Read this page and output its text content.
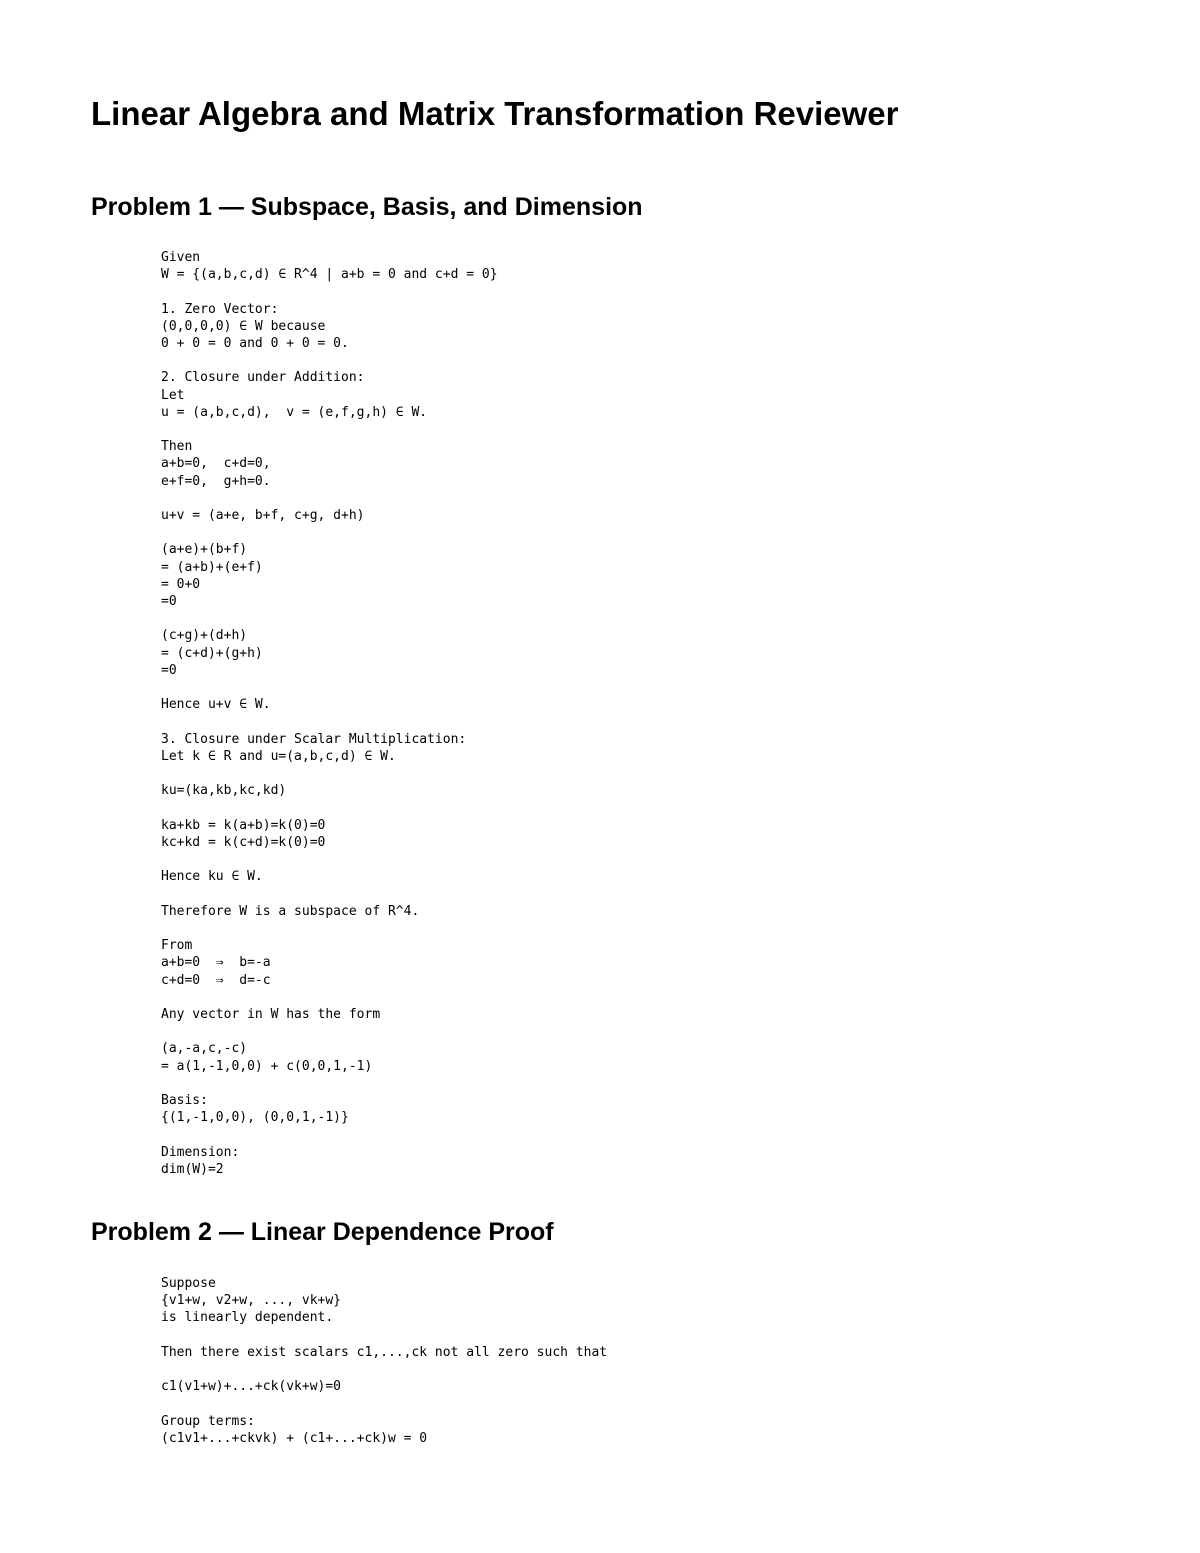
Linear Algebra and Matrix Transformation Reviewer
Problem 1 — Subspace, Basis, and Dimension
Given
W = {(a,b,c,d) ∈ R^4 | a+b = 0 and c+d = 0}

1. Zero Vector:
(0,0,0,0) ∈ W because
0 + 0 = 0 and 0 + 0 = 0.

2. Closure under Addition:
Let
u = (a,b,c,d),  v = (e,f,g,h) ∈ W.

Then
a+b=0,  c+d=0,
e+f=0,  g+h=0.

u+v = (a+e, b+f, c+g, d+h)

(a+e)+(b+f)
= (a+b)+(e+f)
= 0+0
=0

(c+g)+(d+h)
= (c+d)+(g+h)
=0

Hence u+v ∈ W.

3. Closure under Scalar Multiplication:
Let k ∈ R and u=(a,b,c,d) ∈ W.

ku=(ka,kb,kc,kd)

ka+kb = k(a+b)=k(0)=0
kc+kd = k(c+d)=k(0)=0

Hence ku ∈ W.

Therefore W is a subspace of R^4.

From
a+b=0  ⇒  b=-a
c+d=0  ⇒  d=-c

Any vector in W has the form

(a,-a,c,-c)
= a(1,-1,0,0) + c(0,0,1,-1)

Basis:
{(1,-1,0,0), (0,0,1,-1)}

Dimension:
dim(W)=2
Problem 2 — Linear Dependence Proof
Suppose
{v1+w, v2+w, ..., vk+w}
is linearly dependent.

Then there exist scalars c1,...,ck not all zero such that

c1(v1+w)+...+ck(vk+w)=0

Group terms:
(c1v1+...+ckvk) + (c1+...+ck)w = 0
